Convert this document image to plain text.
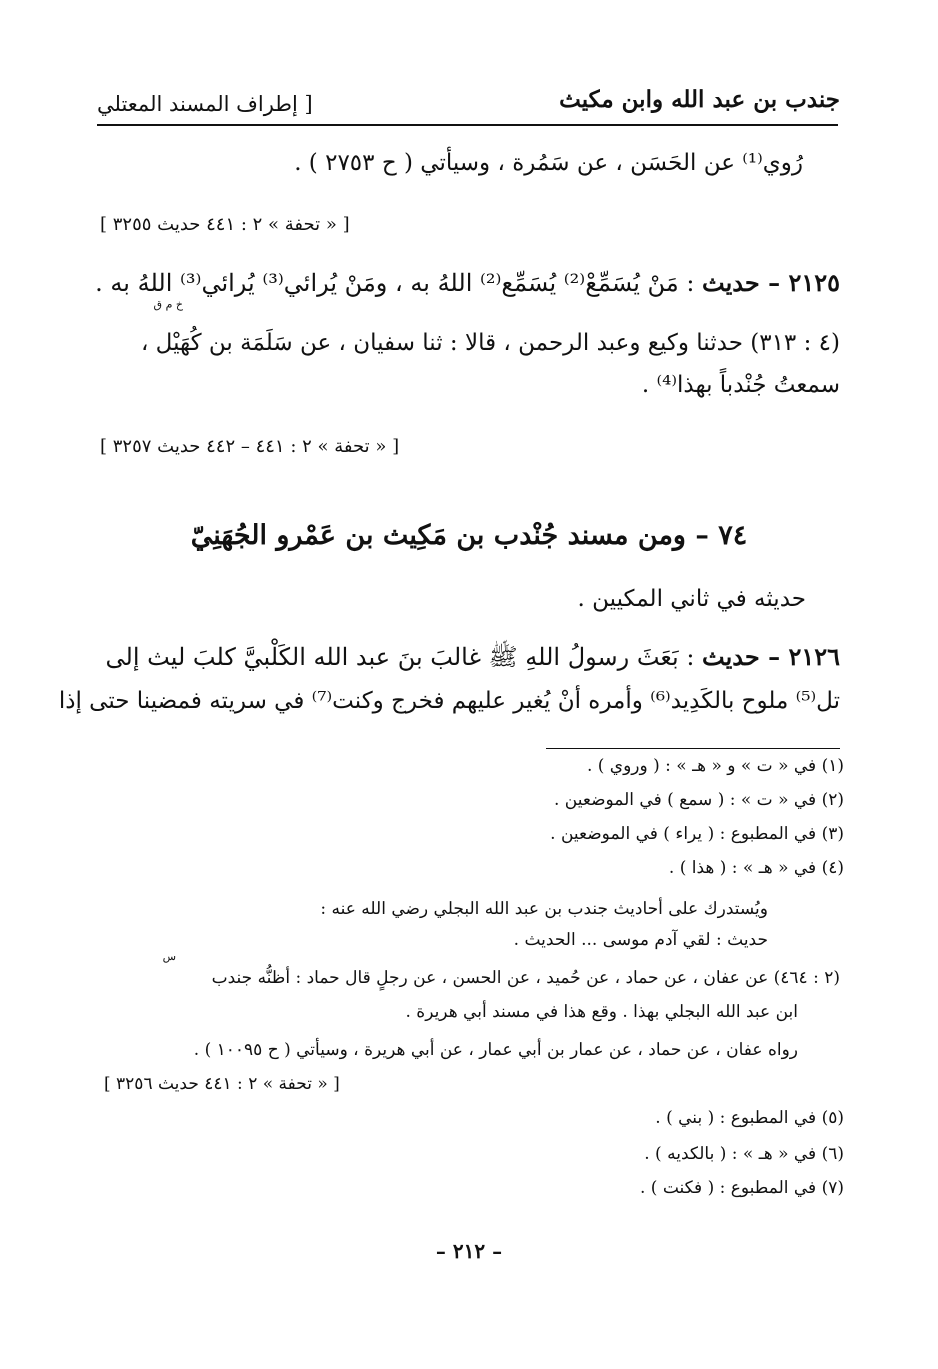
جندب بن عبد الله وابن مكيث
[ إطراف المسند المعتلي
رُوي⁽¹⁾ عن الحَسَن ، عن سَمُرة ، وسيأتي ( ح ٢٧٥٣ ) .
[ « تحفة » ٢ : ٤٤١ حديث ٣٢٥٥ ]
٢١٢٥ – حديث : مَنْ يُسَمِّعْ⁽²⁾ يُسَمِّع⁽²⁾ اللهُ به ، ومَنْ يُرائي⁽³⁾ يُرائي⁽³⁾ اللهُ به .
خ م ق
(٤ : ٣١٣) حدثنا وكيع وعبد الرحمن ، قالا : ثنا سفيان ، عن سَلَمَة بن كُهَيْل ،
سمعتُ جُنْدباً بهذا⁽⁴⁾ .
[ « تحفة » ٢ : ٤٤١ – ٤٤٢ حديث ٣٢٥٧ ]
٧٤ – ومن مسند جُنْدب بن مَكِيث بن عَمْرو الجُهَنِيّ
حديثه في ثاني المكيين .
٢١٢٦ – حديث : بَعَثَ رسولُ اللهِ ﷺ غالبَ بنَ عبد الله الكَلْبيَّ كلبَ ليث إلى
تل⁽⁵⁾ ملوح بالكَدِيد⁽⁶⁾ وأمره أنْ يُغير عليهم فخرج وكنت⁽⁷⁾ في سريته فمضينا حتى إذا
(١) في « ت » و « هـ » : ( وروي ) .
(٢) في « ت » : ( سمع ) في الموضعين .
(٣) في المطبوع : ( يراء ) في الموضعين .
(٤) في « هـ » : ( هذا ) .
ويُستدرك على أحاديث جندب بن عبد الله البجلي رضي الله عنه :
حديث : لقي آدم موسى ... الحديث .
س
(٢ : ٤٦٤) عن عفان ، عن حماد ، عن حُميد ، عن الحسن ، عن رجلٍ قال حماد : أظنُّه جندب
ابن عبد الله البجلي بهذا . وقع هذا في مسند أبي هريرة .
رواه عفان ، عن حماد ، عن عمار بن أبي عمار ، عن أبي هريرة ، وسيأتي ( ح ١٠٠٩٥ ) .
[ « تحفة » ٢ : ٤٤١ حديث ٣٢٥٦ ]
(٥) في المطبوع : ( بني ) .
(٦) في « هـ » : ( بالكديه ) .
(٧) في المطبوع : ( فكنت ) .
– ٢١٢ –
